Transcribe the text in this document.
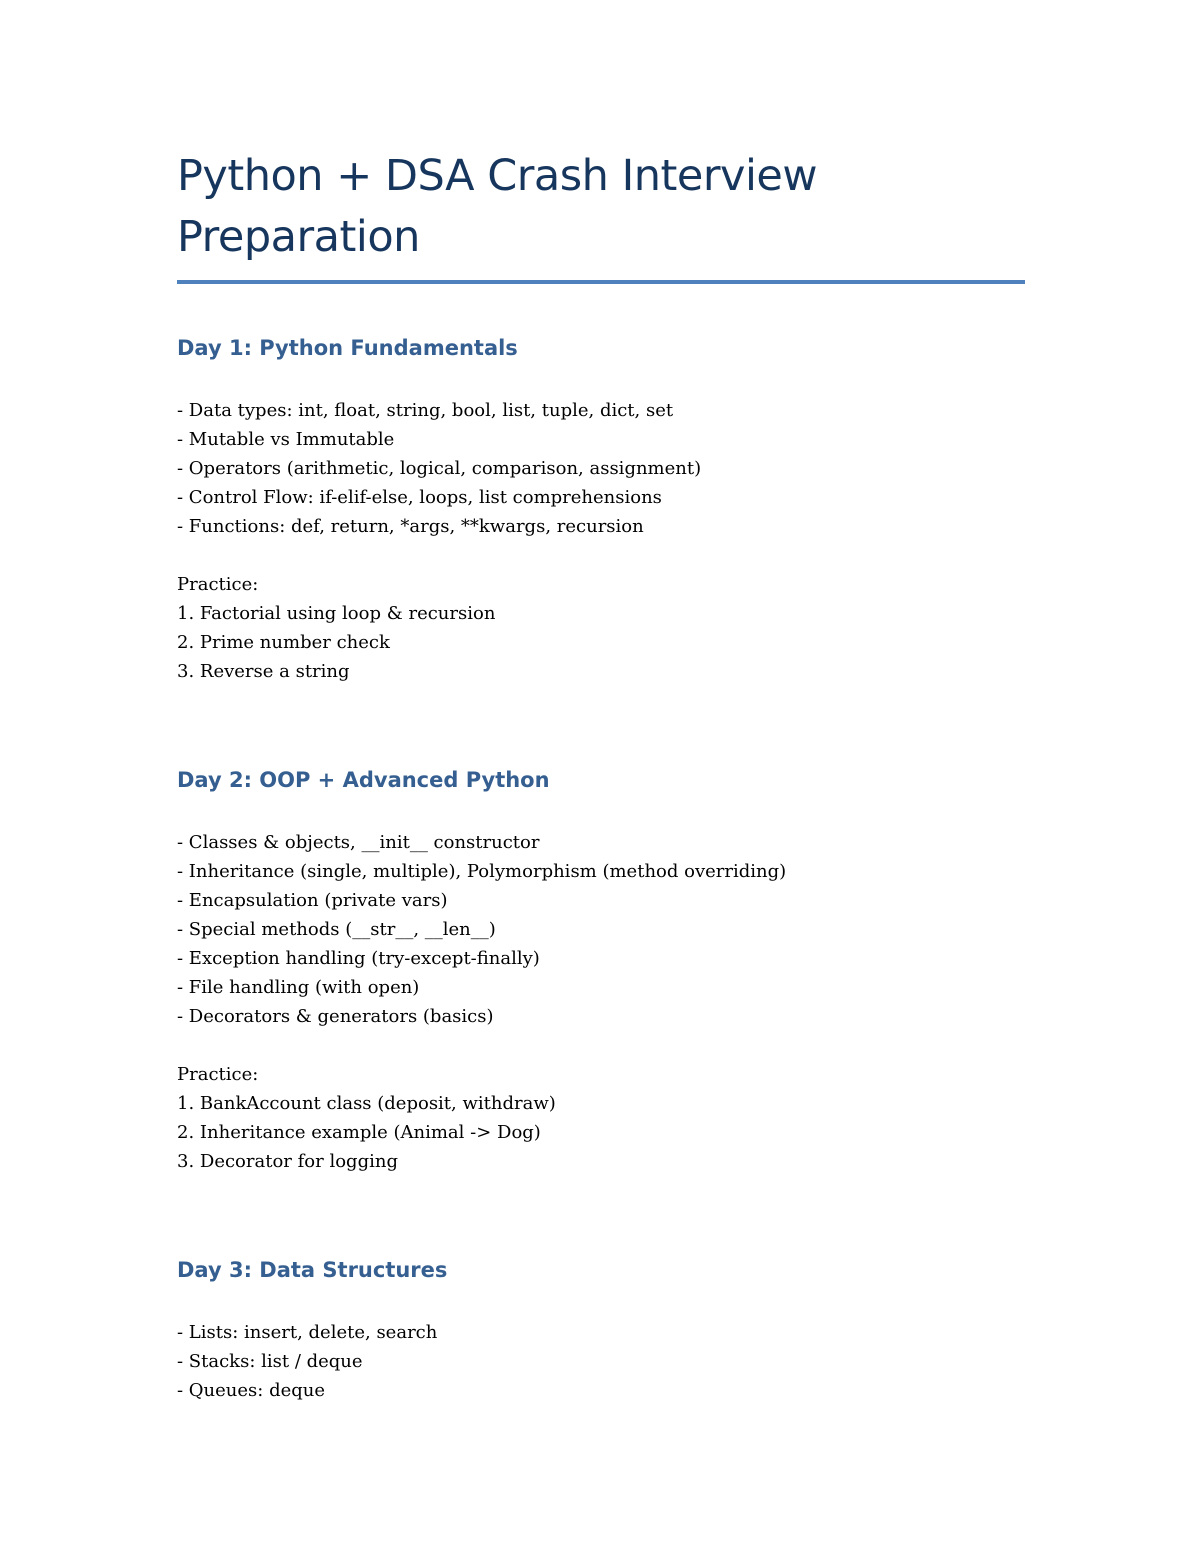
Python + DSA Crash Interview
Preparation
Day 1: Python Fundamentals
- Data types: int, float, string, bool, list, tuple, dict, set
- Mutable vs Immutable
- Operators (arithmetic, logical, comparison, assignment)
- Control Flow: if-elif-else, loops, list comprehensions
- Functions: def, return, *args, **kwargs, recursion

Practice:

1. Factorial using loop & recursion
2. Prime number check
3. Reverse a string
Day 2: OOP + Advanced Python
- Classes & objects, __init__ constructor
- Inheritance (single, multiple), Polymorphism (method overriding)
- Encapsulation (private vars)
- Special methods (__str__, __len__)
- Exception handling (try-except-finally)
- File handling (with open)
- Decorators & generators (basics)

Practice:

1. BankAccount class (deposit, withdraw)
2. Inheritance example (Animal -> Dog)
3. Decorator for logging
Day 3: Data Structures
- Lists: insert, delete, search
- Stacks: list / deque
- Queues: deque
